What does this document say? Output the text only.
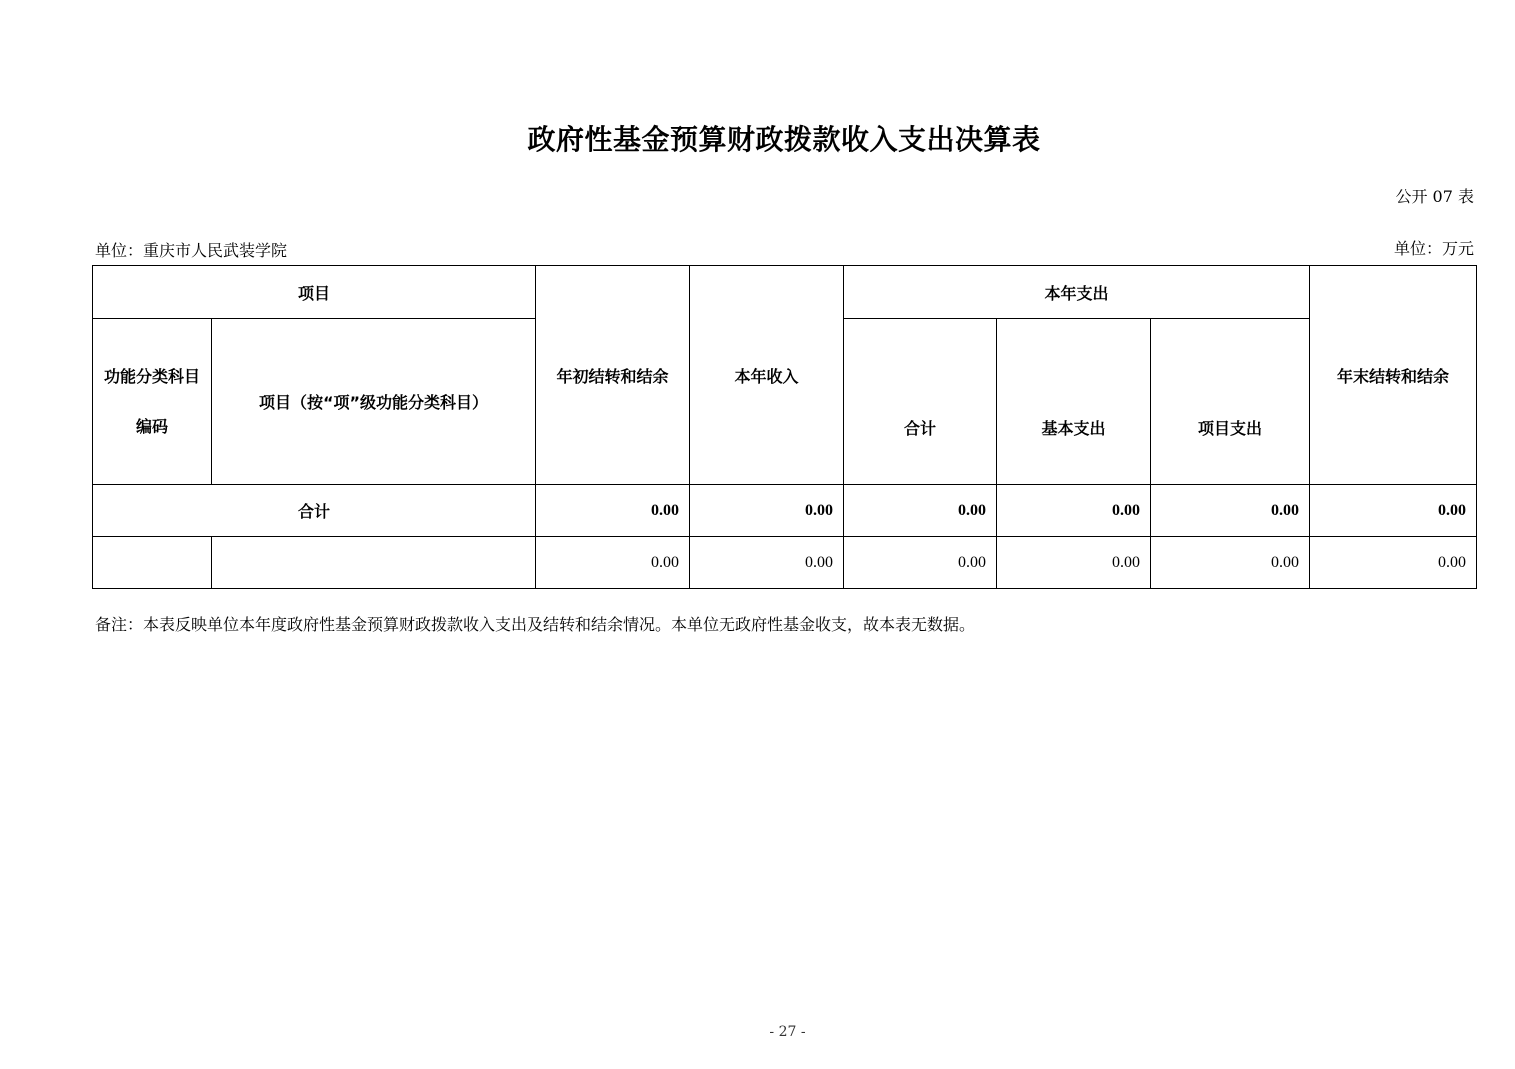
政府性基金预算财政拨款收入支出决算表
公开 07 表
单位：重庆市人民武装学院	单位：万元
项目		年初结转和结余	本年收入	本年支出			年末结转和结余

功能分类科目
编码	项目（按“项”级功能分类科目）			合计	基本支出	项目支出	
合计		0.00	0.00	0.00	0.00	0.00	0.00
		0.00	0.00	0.00	0.00	0.00	0.00
备注：本表反映单位本年度政府性基金预算财政拨款收入支出及结转和结余情况。本单位无政府性基金收支，故本表无数据。
- 27 -
